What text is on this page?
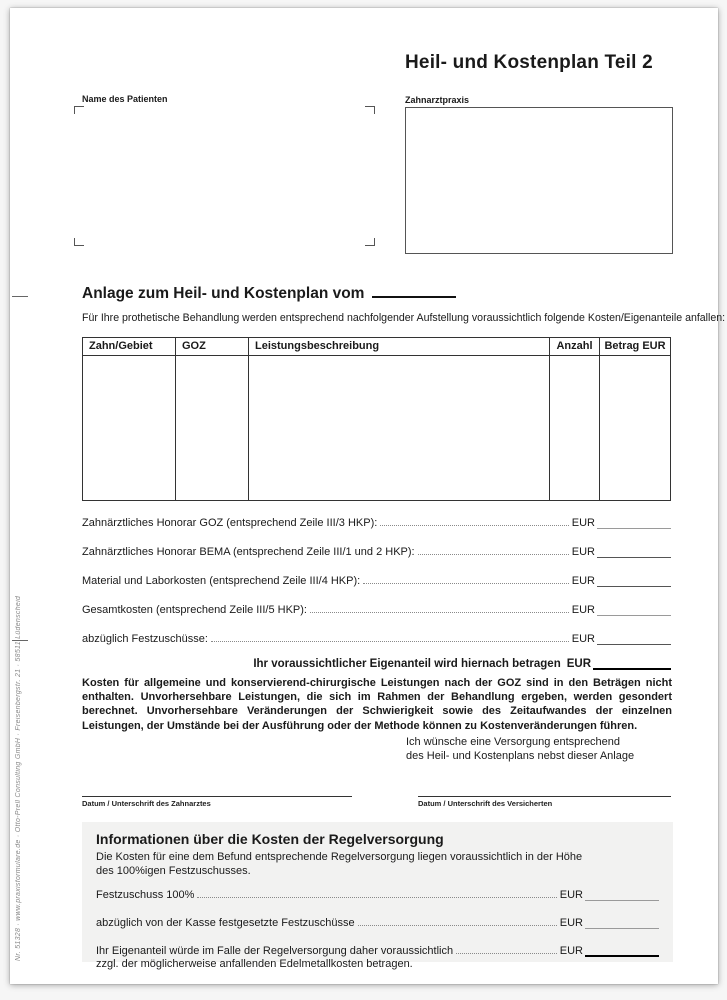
Heil- und Kostenplan Teil 2
Name des Patienten	Zahnarztpraxis
Anlage zum Heil- und Kostenplan vom
Für Ihre prothetische Behandlung werden entsprechend nachfolgender Aufstellung voraussichtlich folgende Kosten/Eigenanteile anfallen:
Zahn/Gebiet	GOZ	Leistungsbeschreibung	Anzahl	Betrag EUR
Zahnärztliches Honorar GOZ (entsprechend Zeile III/3 HKP):	EUR
Zahnärztliches Honorar BEMA (entsprechend Zeile III/1 und 2 HKP):	EUR
Material und Laborkosten (entsprechend Zeile III/4 HKP):	EUR
Gesamtkosten (entsprechend Zeile III/5 HKP):	EUR
abzüglich Festzuschüsse:	EUR
Ihr voraussichtlicher Eigenanteil wird hiernach betragen EUR
Kosten für allgemeine und konservierend-chirurgische Leistungen nach der GOZ sind in den Beträgen nicht enthalten. Unvorhersehbare Leistungen, die sich im Rahmen der Behandlung ergeben, werden gesondert berechnet. Unvorhersehbare Veränderungen der Schwierigkeit sowie des Zeitaufwandes der einzelnen Leistungen, der Umstände bei der Ausführung oder der Methode können zu Kostenveränderungen führen.
Ich wünsche eine Versorgung entsprechend
des Heil- und Kostenplans nebst dieser Anlage
Datum / Unterschrift des Zahnarztes	Datum / Unterschrift des Versicherten
Informationen über die Kosten der Regelversorgung
Die Kosten für eine dem Befund entsprechende Regelversorgung liegen voraussichtlich in der Höhe des 100%igen Festzuschusses.
Festzuschuss 100%	EUR
abzüglich von der Kasse festgesetzte Festzuschüsse	EUR
Ihr Eigenanteil würde im Falle der Regelversorgung daher voraussichtlich	EUR
zzgl. der möglicherweise anfallenden Edelmetallkosten betragen.
Nr. 51328 · www.praxisformulare.de · Otto-Prell Consulting GmbH · Freisenbergstr. 21 · 58511 Lüdenscheid
